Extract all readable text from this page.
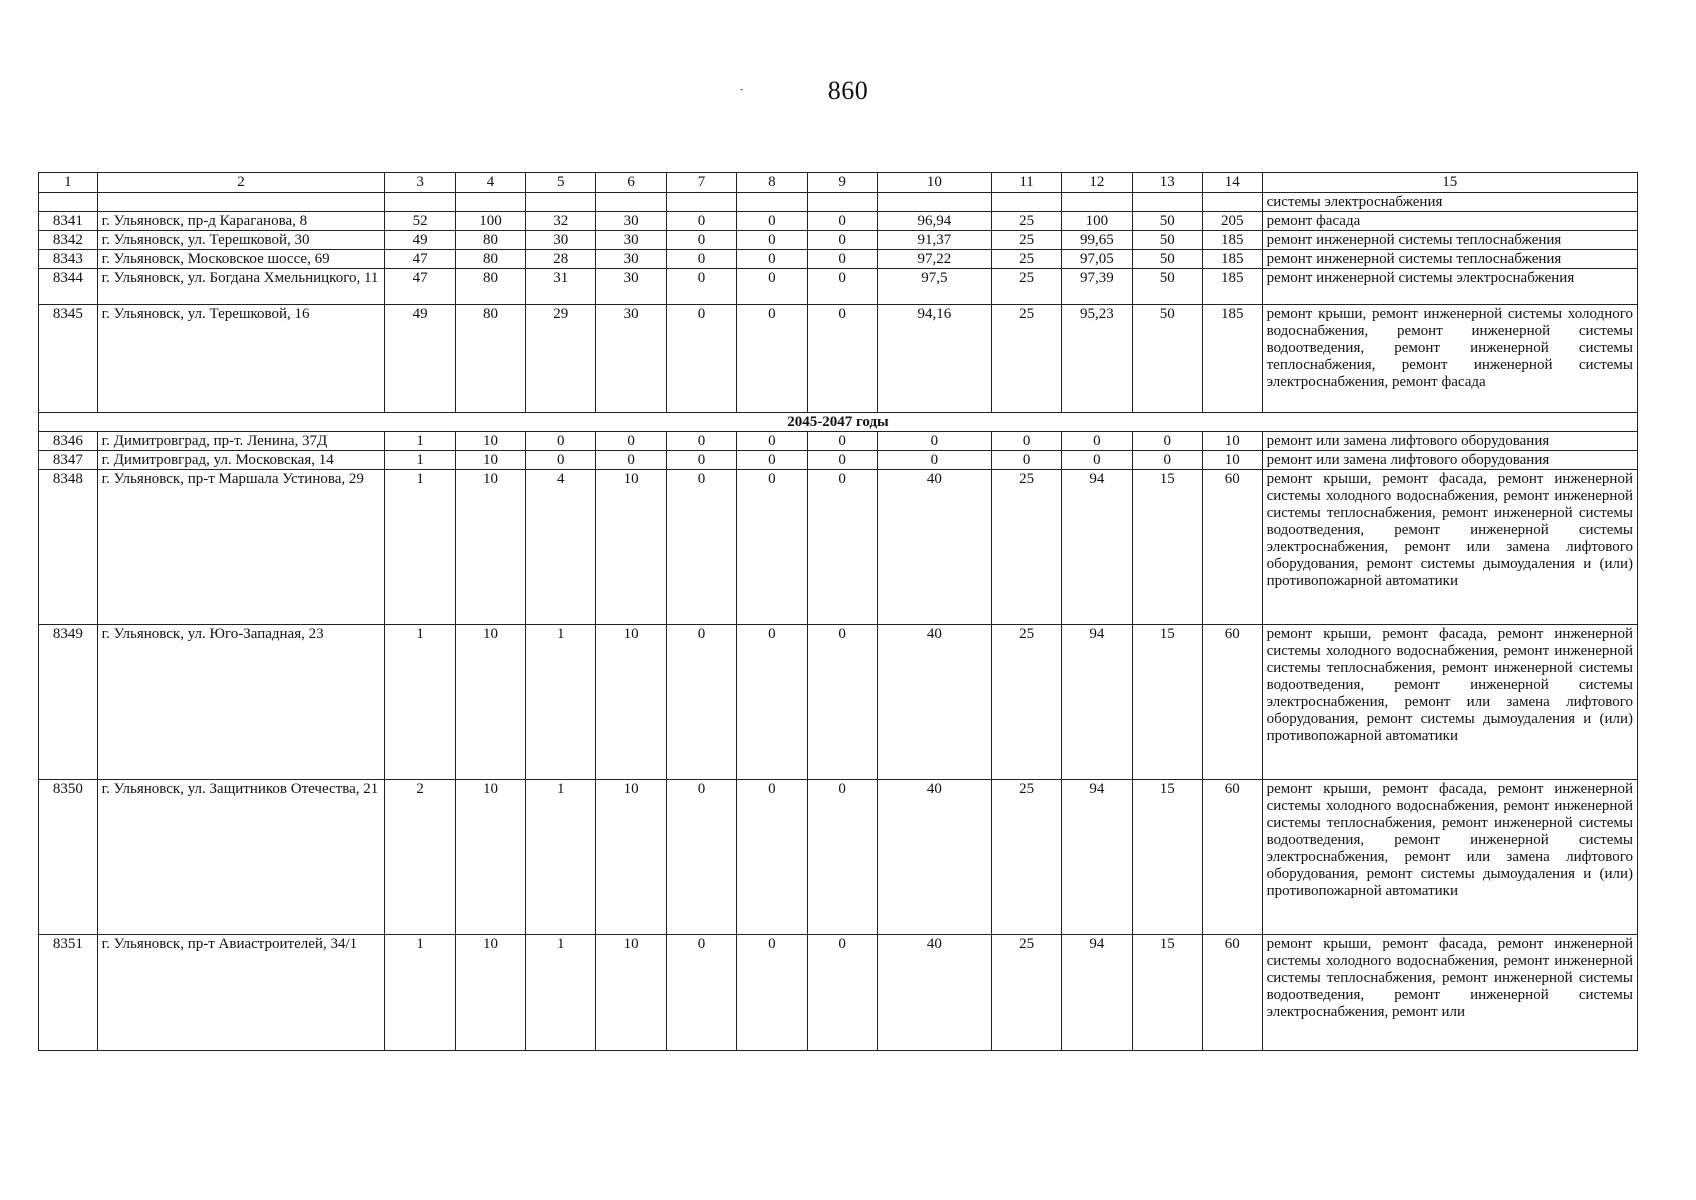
860
-
1	2	3	4	5	6	7	8	9	10	11	12	13	14	15
														системы электроснабжения
8341	г. Ульяновск, пр-д Караганова, 8	52	100	32	30	0	0	0	96,94	25	100	50	205	ремонт фасада
8342	г. Ульяновск, ул. Терешковой, 30	49	80	30	30	0	0	0	91,37	25	99,65	50	185	ремонт инженерной системы теплоснабжения
8343	г. Ульяновск, Московское шоссе, 69	47	80	28	30	0	0	0	97,22	25	97,05	50	185	ремонт инженерной системы теплоснабжения
8344	г. Ульяновск, ул. Богдана Хмельницкого, 11	47	80	31	30	0	0	0	97,5	25	97,39	50	185	ремонт инженерной системы электроснабжения
8345	г. Ульяновск, ул. Терешковой, 16	49	80	29	30	0	0	0	94,16	25	95,23	50	185	ремонт крыши, ремонт инженерной системы холодного водоснабжения, ремонт инженерной системы водоотведения, ремонт инженерной системы теплоснабжения, ремонт инженерной системы электроснабжения, ремонт фасада
2045-2047 годы														
8346	г. Димитровград, пр-т. Ленина, 37Д	1	10	0	0	0	0	0	0	0	0	0	10	ремонт или замена лифтового оборудования
8347	г. Димитровград, ул. Московская, 14	1	10	0	0	0	0	0	0	0	0	0	10	ремонт или замена лифтового оборудования
8348	г. Ульяновск, пр-т Маршала Устинова, 29	1	10	4	10	0	0	0	40	25	94	15	60	ремонт крыши, ремонт фасада, ремонт инженерной системы холодного водоснабжения, ремонт инженерной системы теплоснабжения, ремонт инженерной системы водоотведения, ремонт инженерной системы электроснабжения, ремонт или замена лифтового оборудования, ремонт системы дымоудаления и (или) противопожарной автоматики
8349	г. Ульяновск, ул. Юго-Западная, 23	1	10	1	10	0	0	0	40	25	94	15	60	ремонт крыши, ремонт фасада, ремонт инженерной системы холодного водоснабжения, ремонт инженерной системы теплоснабжения, ремонт инженерной системы водоотведения, ремонт инженерной системы электроснабжения, ремонт или замена лифтового оборудования, ремонт системы дымоудаления и (или) противопожарной автоматики
8350	г. Ульяновск, ул. Защитников Отечества, 21	2	10	1	10	0	0	0	40	25	94	15	60	ремонт крыши, ремонт фасада, ремонт инженерной системы холодного водоснабжения, ремонт инженерной системы теплоснабжения, ремонт инженерной системы водоотведения, ремонт инженерной системы электроснабжения, ремонт или замена лифтового оборудования, ремонт системы дымоудаления и (или) противопожарной автоматики
8351	г. Ульяновск, пр-т Авиастроителей, 34/1	1	10	1	10	0	0	0	40	25	94	15	60	ремонт крыши, ремонт фасада, ремонт инженерной системы холодного водоснабжения, ремонт инженерной системы теплоснабжения, ремонт инженерной системы водоотведения, ремонт инженерной системы электроснабжения, ремонт или
